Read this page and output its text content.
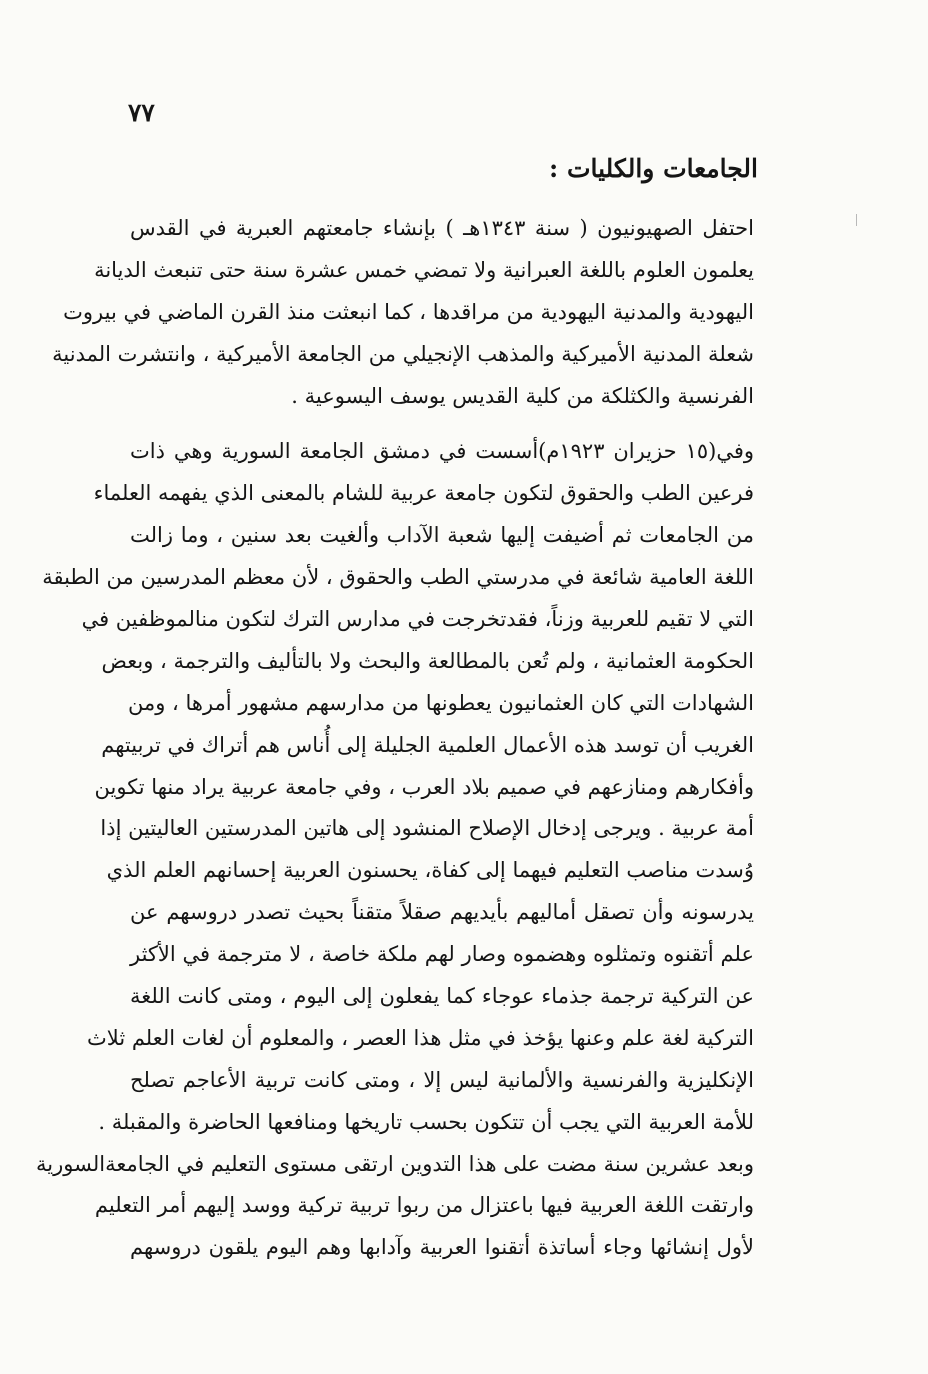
٧٧
الجامعات والكليات :

احتفل الصهيونيون ( سنة ١٣٤٣هـ ) بإنشاء جامعتهم العبرية في القدس
يعلمون العلوم باللغة العبرانية ولا تمضي خمس عشرة سنة حتى تنبعث الديانة
اليهودية والمدنية اليهودية من مراقدها ، كما انبعثت منذ القرن الماضي في بيروت
شعلة المدنية الأميركية والمذهب الإنجيلي من الجامعة الأميركية ، وانتشرت المدنية
الفرنسية والكثلكة من كلية القديس يوسف اليسوعية .

وفي(١٥ حزيران ١٩٢٣م)أسست في دمشق الجامعة السورية وهي ذات
فرعين الطب والحقوق لتكون جامعة عربية للشام بالمعنى الذي يفهمه العلماء
من الجامعات ثم أضيفت إليها شعبة الآداب وألغيت بعد سنين ، وما زالت
اللغة العامية شائعة في مدرستي الطب والحقوق ، لأن معظم المدرسين من الطبقة
التي لا تقيم للعربية وزناً، فقدتخرجت في مدارس الترك لتكون منالموظفين في
الحكومة العثمانية ، ولم تُعن بالمطالعة والبحث ولا بالتأليف والترجمة ، وبعض
الشهادات التي كان العثمانيون يعطونها من مدارسهم مشهور أمرها ، ومن
الغريب أن توسد هذه الأعمال العلمية الجليلة إلى أُناس هم أتراك في تربيتهم
وأفكارهم ومنازعهم في صميم بلاد العرب ، وفي جامعة عربية يراد منها تكوين
أمة عربية . ويرجى إدخال الإصلاح المنشود إلى هاتين المدرستين العاليتين إذا
وُسدت مناصب التعليم فيهما إلى كفاة، يحسنون العربية إحسانهم العلم الذي
يدرسونه وأن تصقل أماليهم بأيديهم صقلاً متقناً بحيث تصدر دروسهم عن
علم أتقنوه وتمثلوه وهضموه وصار لهم ملكة خاصة ، لا مترجمة في الأكثر
عن التركية ترجمة جذماء عوجاء كما يفعلون إلى اليوم ، ومتى كانت اللغة
التركية لغة علم وعنها يؤخذ في مثل هذا العصر ، والمعلوم أن لغات العلم ثلاث
الإنكليزية والفرنسية والألمانية ليس إلا ، ومتى كانت تربية الأعاجم تصلح
للأمة العربية التي يجب أن تتكون بحسب تاريخها ومنافعها الحاضرة والمقبلة .
وبعد عشرين سنة مضت على هذا التدوين ارتقى مستوى التعليم في الجامعةالسورية
وارتقت اللغة العربية فيها باعتزال من ربوا تربية تركية ووسد إليهم أمر التعليم
لأول إنشائها وجاء أساتذة أتقنوا العربية وآدابها وهم اليوم يلقون دروسهم
